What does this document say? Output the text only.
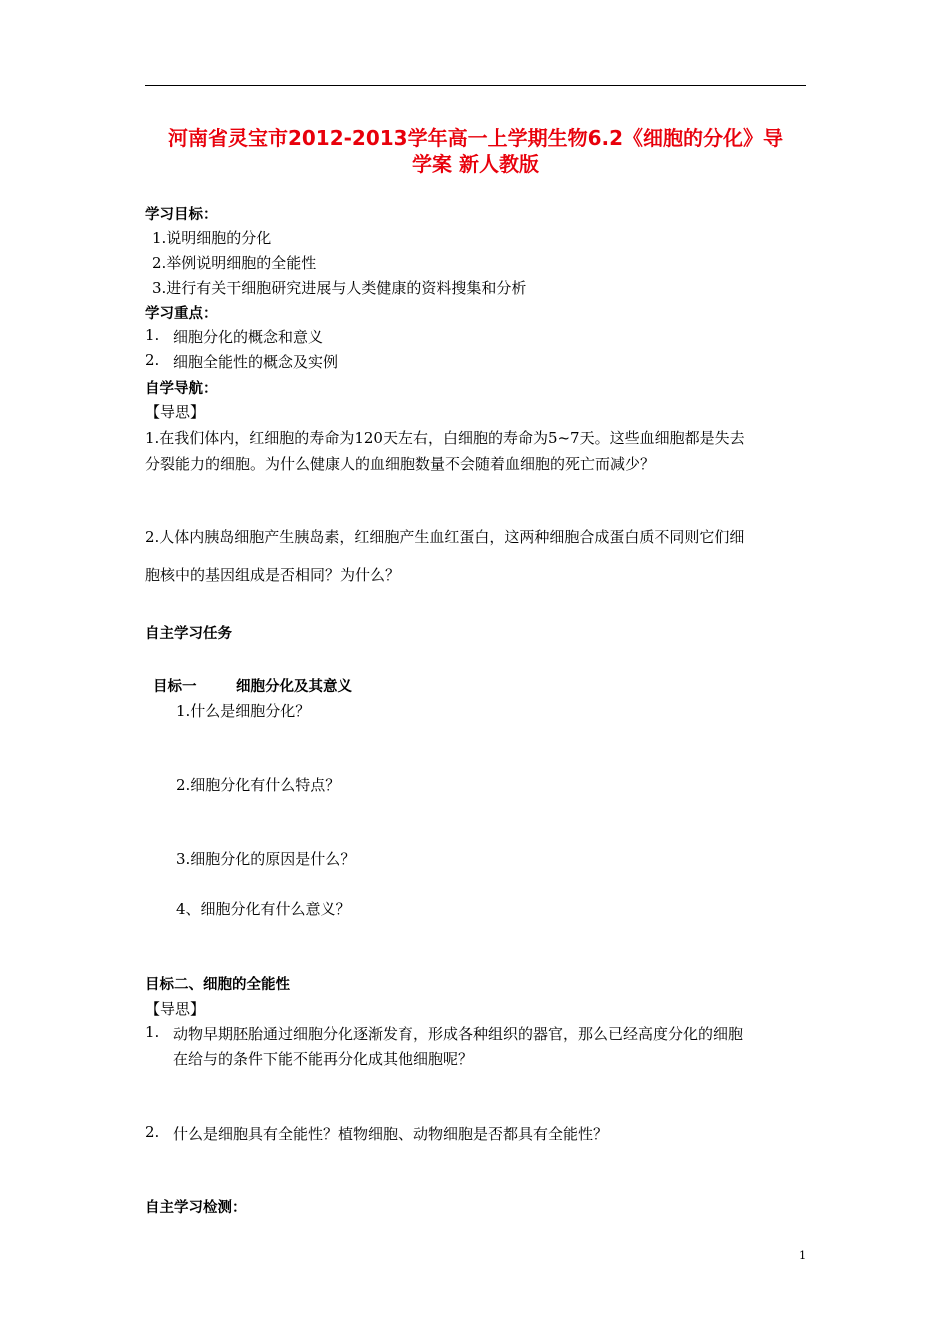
河南省灵宝市2012-2013学年高一上学期生物6.2《细胞的分化》导
学案 新人教版
学习目标：
1.说明细胞的分化
2.举例说明细胞的全能性
3.进行有关干细胞研究进展与人类健康的资料搜集和分析
学习重点：
1. 细胞分化的概念和意义
2. 细胞全能性的概念及实例
自学导航：
【导思】
1.在我们体内，红细胞的寿命为120天左右，白细胞的寿命为5~7天。这些血细胞都是失去
分裂能力的细胞。为什么健康人的血细胞数量不会随着血细胞的死亡而减少？
2.人体内胰岛细胞产生胰岛素，红细胞产生血红蛋白，这两种细胞合成蛋白质不同则它们细
胞核中的基因组成是否相同？为什么？
自主学习任务
目标一	细胞分化及其意义
1.什么是细胞分化？
2.细胞分化有什么特点？
3.细胞分化的原因是什么？
4、细胞分化有什么意义？
目标二、细胞的全能性
【导思】
1. 动物早期胚胎通过细胞分化逐渐发育，形成各种组织的器官，那么已经高度分化的细胞
在给与的条件下能不能再分化成其他细胞呢？
2. 什么是细胞具有全能性？植物细胞、动物细胞是否都具有全能性？
自主学习检测：
1
